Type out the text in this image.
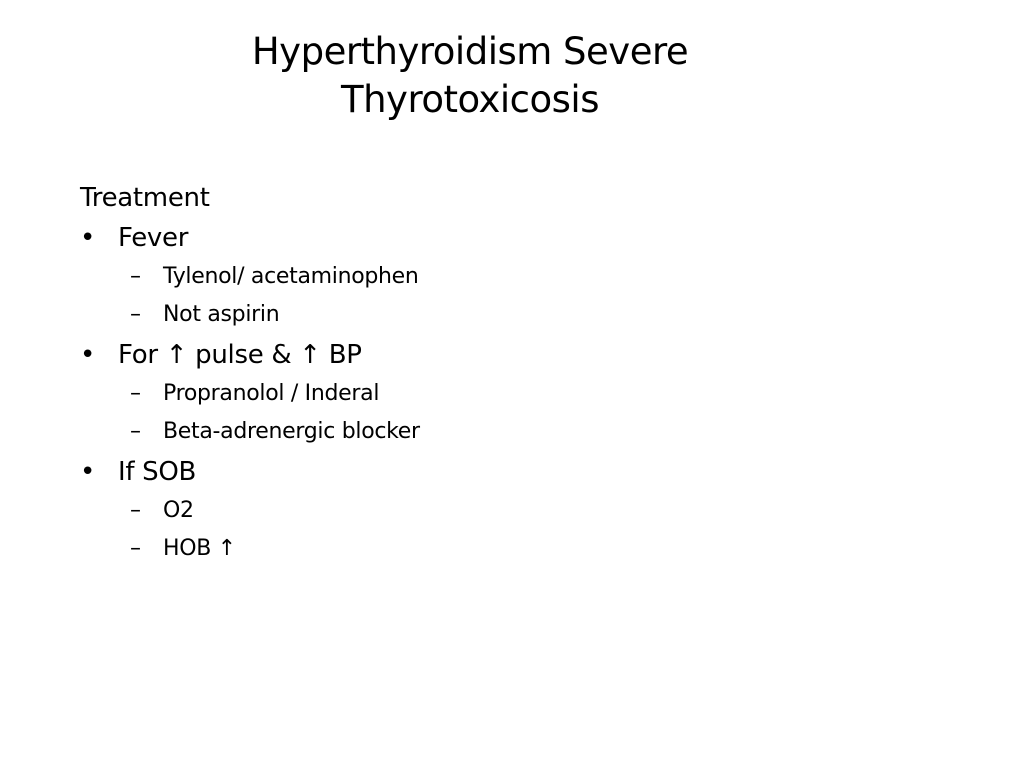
Hyperthyroidism Severe
Thyrotoxicosis
Treatment
• Fever
–	Tylenol/ acetaminophen
–	Not aspirin
• For ↑ pulse & ↑ BP
–	Propranolol / Inderal
–	Beta-adrenergic blocker
• If SOB
–	O2
–	HOB ↑
